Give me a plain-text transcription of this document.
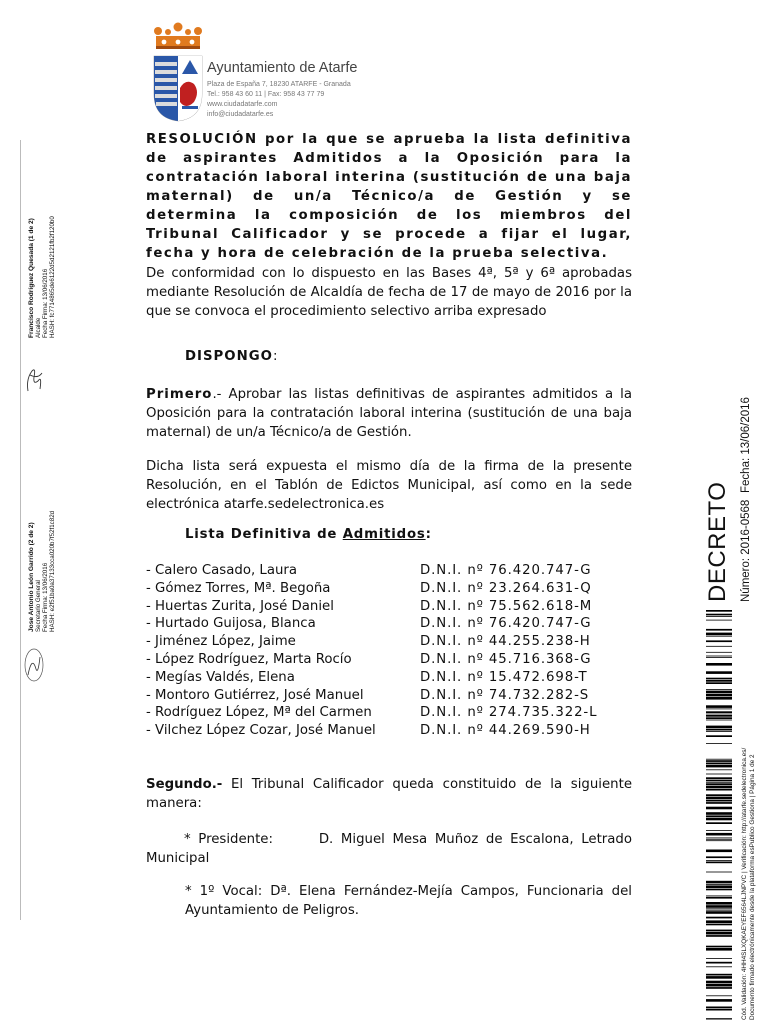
Ayuntamiento de Atarfe
Plaza de España 7, 18230 ATARFE - Granada
Tel.: 958 43 60 11 | Fax: 958 43 77 79
www.ciudadatarfe.com
info@ciudadatarfe.es
RESOLUCIÓN por la que se aprueba la lista definitiva de aspirantes Admitidos a la Oposición para la contratación laboral interina (sustitución de una baja maternal) de un/a Técnico/a de Gestión y se determina la composición de los miembros del Tribunal Calificador y se procede a fijar el lugar, fecha y hora de celebración de la prueba selectiva.

De conformidad con lo dispuesto en las Bases 4ª, 5ª y 6ª aprobadas mediante Resolución de Alcaldía de fecha de 17 de mayo de 2016 por la que se convoca el procedimiento selectivo arriba expresado

DISPONGO:

Primero.- Aprobar las listas definitivas de aspirantes admitidos a la Oposición para la contratación laboral interina (sustitución de una baja maternal) de un/a Técnico/a de Gestión.

Dicha lista será expuesta el mismo día de la firma de la presente Resolución, en el Tablón de Edictos Municipal, así como en la sede electrónica atarfe.sedelectronica.es

Lista Definitiva de Admitidos:
- Calero Casado, Laura	D.N.I. nº 76.420.747-G
- Gómez Torres, Mª. Begoña	D.N.I. nº 23.264.631-Q
- Huertas Zurita, José Daniel	D.N.I. nº 75.562.618-M
- Hurtado Guijosa, Blanca	D.N.I. nº 76.420.747-G
- Jiménez López, Jaime	D.N.I. nº 44.255.238-H
- López Rodríguez, Marta Rocío	D.N.I. nº 45.716.368-G
- Megías Valdés, Elena	D.N.I. nº 15.472.698-T
- Montoro Gutiérrez, José Manuel	D.N.I. nº 74.732.282-S
- Rodríguez López, Mª del Carmen	D.N.I. nº 274.735.322-L
- Vilchez López Cozar, José Manuel	D.N.I. nº 44.269.590-H

Segundo.- El Tribunal Calificador queda constituido de la siguiente manera:

* Presidente:	D. Miguel Mesa Muñoz de Escalona, Letrado Municipal

* 1º Vocal: Dª. Elena Fernández-Mejía Campos, Funcionaria del Ayuntamiento de Peligros.

Francisco Rodríguez Quesada (1 de 2) Alcalde Fecha Firma: 13/06/2016 HASH: fc7714865de6122d5d2121fb2f120b0
Jose Antonio León Garrido (2 de 2) Secretario General Fecha Firma: 13/06/2016 HASH: e2f51ba0a37133cca020b7f52f1c82d	DECRETO Número: 2016-0568
Fecha: 13/06/2016
Cód. Validación: 4HH4SLXQKAEYEF6564LJNPVC | Verificación: http://atarfe.sedelectronica.es/ Documento firmado electrónicamente desde la plataforma esPublico Gestiona | Página 1 de 2
